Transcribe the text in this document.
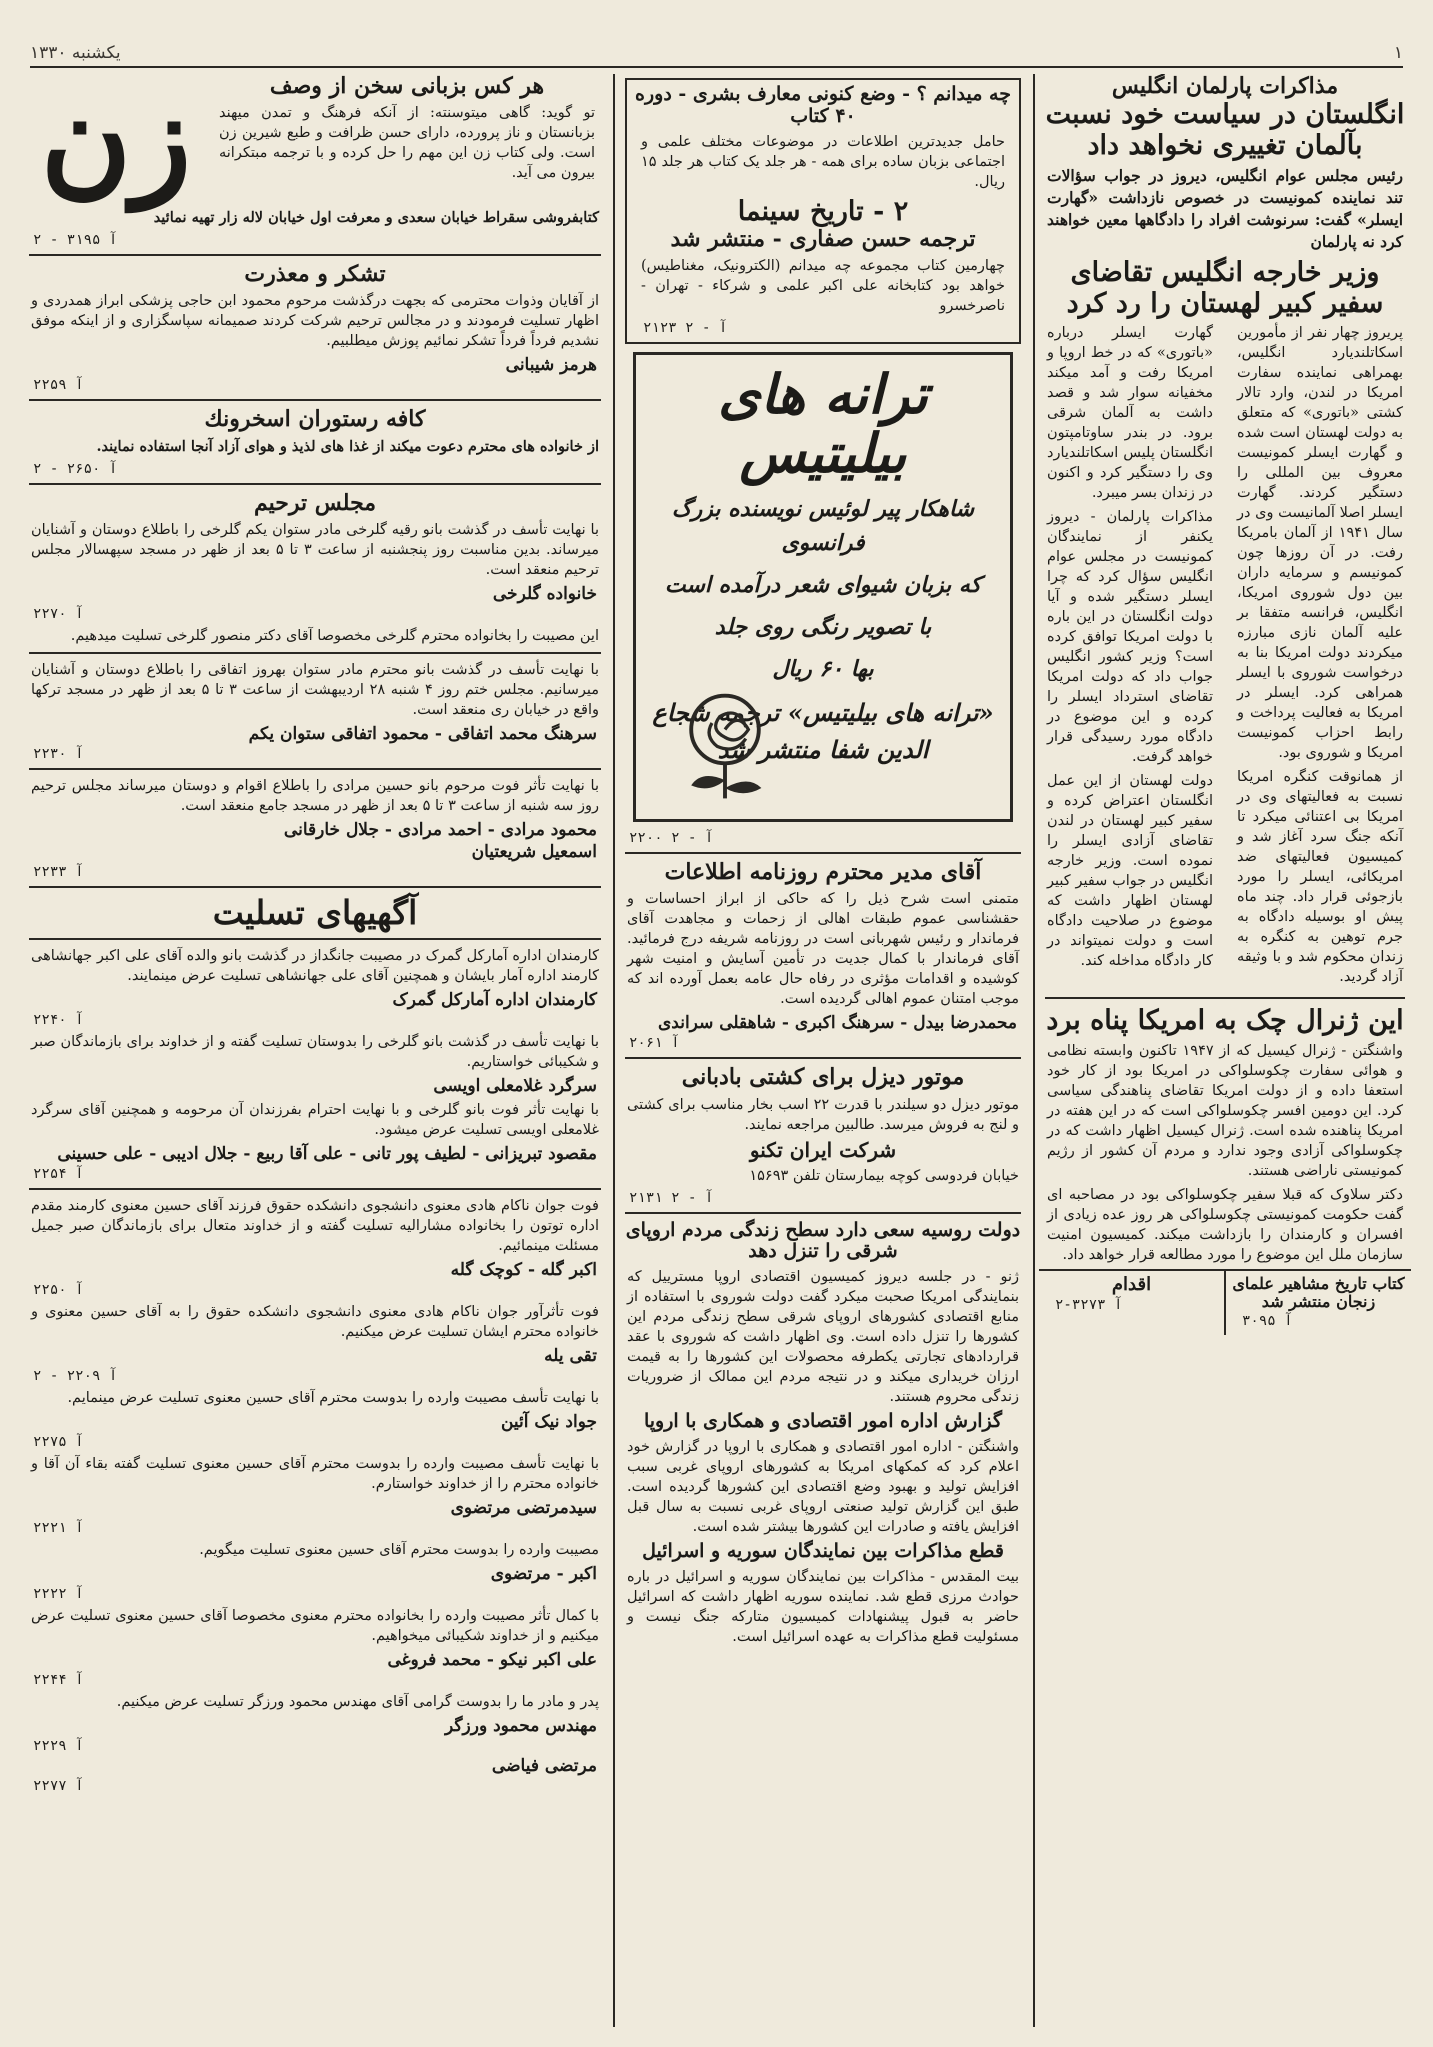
۱
یکشنبه ۱۳۳۰
مذاکرات پارلمان انگلیس
انگلستان در سیاست خود نسبت بآلمان تغییری نخواهد داد
رئیس مجلس عوام انگلیس، دیروز در جواب سؤالات تند نماینده کمونیست در خصوص نازداشت «گهارت ایسلر» گفت: سرنوشت افراد را دادگاهها معین خواهند کرد نه پارلمان
وزیر خارجه انگلیس تقاضای سفیر کبیر لهستان را رد کرد
پریروز چهار نفر از مأمورین اسکاتلندیارد انگلیس، بهمراهی نماینده سفارت امریکا در لندن، وارد تالار کشتی «باتوری» که متعلق به دولت لهستان است شده و گهارت ایسلر کمونیست معروف بین المللی را دستگیر کردند. گهارت ایسلر اصلا آلمانیست وی در سال ۱۹۴۱ از آلمان بامریکا رفت. در آن روزها چون کمونیسم و سرمایه داران بین دول شوروی امریکا، انگلیس، فرانسه متفقا بر علیه آلمان نازی مبارزه میکردند دولت امریکا بنا به درخواست شوروی با ایسلر همراهی کرد. ایسلر در امریکا به فعالیت پرداخت و رابط احزاب کمونیست امریکا و شوروی بود.
از همانوقت کنگره امریکا نسبت به فعالیتهای وی در امریکا بی اعتنائی میکرد تا آنکه جنگ سرد آغاز شد و کمیسیون فعالیتهای ضد امریکائی، ایسلر را مورد بازجوئی قرار داد. چند ماه پیش او بوسیله دادگاه به جرم توهین به کنگره به زندان محکوم شد و با وثیقه آزاد گردید.
گهارت ایسلر درباره «باتوری» که در خط اروپا و امریکا رفت و آمد میکند مخفیانه سوار شد و قصد داشت به آلمان شرقی برود. در بندر ساوتامپتون انگلستان پلیس اسکاتلندیارد وی را دستگیر کرد و اکنون در زندان بسر میبرد.
مذاکرات پارلمان - دیروز یکنفر از نمایندگان کمونیست در مجلس عوام انگلیس سؤال کرد که چرا ایسلر دستگیر شده و آیا دولت انگلستان در این باره با دولت امریکا توافق کرده است؟ وزیر کشور انگلیس جواب داد که دولت امریکا تقاضای استرداد ایسلر را کرده و این موضوع در دادگاه مورد رسیدگی قرار خواهد گرفت.
دولت لهستان از این عمل انگلستان اعتراض کرده و سفیر کبیر لهستان در لندن تقاضای آزادی ایسلر را نموده است. وزیر خارجه انگلیس در جواب سفیر کبیر لهستان اظهار داشت که موضوع در صلاحیت دادگاه است و دولت نمیتواند در کار دادگاه مداخله کند.
این ژنرال چک به امریکا پناه برد
واشنگتن - ژنرال کیسیل که از ۱۹۴۷ تاکنون وابسته نظامی و هوائی سفارت چکوسلواکی در امریکا بود از کار خود استعفا داده و از دولت امریکا تقاضای پناهندگی سیاسی کرد. این دومین افسر چکوسلواکی است که در این هفته در امریکا پناهنده شده است. ژنرال کیسیل اظهار داشت که در چکوسلواکی آزادی وجود ندارد و مردم آن کشور از رژیم کمونیستی ناراضی هستند.
دکتر سلاوک که قبلا سفیر چکوسلواکی بود در مصاحبه ای گفت حکومت کمونیستی چکوسلواکی هر روز عده زیادی از افسران و کارمندان را بازداشت میکند. کمیسیون امنیت سازمان ملل این موضوع را مورد مطالعه قرار خواهد داد.
کتاب تاریخ مشاهیر علمای زنجان منتشر شد
۳۰۹۵ آ
اقدام
۲-۳۲۷۳ آ
چه میدانم ؟ - وضع کنونی معارف بشری - دوره ۴۰ کتاب
حامل جدیدترین اطلاعات در موضوعات مختلف علمی و اجتماعی بزبان ساده برای همه - هر جلد یک کتاب هر جلد ۱۵ ریال.
۲ - تاریخ سینما
ترجمه حسن صفاری - منتشر شد
چهارمین کتاب مجموعه چه میدانم (الکترونیک، مغناطیس) خواهد بود کتابخانه علی اکبر علمی و شرکاء - تهران - ناصرخسرو
۲۱۲۳ آ - ۲
ترانه های بیلیتیس
شاهکار پیر لوئیس نویسنده بزرگ فرانسوی
که بزبان شیوای شعر درآمده است
با تصویر رنگی روی جلد
بها ۶۰ ریال
«ترانه های بیلیتیس» ترجمه شجاع الدین شفا منتشر شد
۲۲۰۰ آ - ۲
آقای مدیر محترم روزنامه اطلاعات
متمنی است شرح ذیل را که حاکی از ابراز احساسات و حقشناسی عموم طبقات اهالی از زحمات و مجاهدت آقای فرماندار و رئیس شهربانی است در روزنامه شریفه درج فرمائید. آقای فرماندار با کمال جدیت در تأمین آسایش و امنیت شهر کوشیده و اقدامات مؤثری در رفاه حال عامه بعمل آورده اند که موجب امتنان عموم اهالی گردیده است.
محمدرضا بیدل - سرهنگ اکبری - شاهقلی سراندی
۲۰۶۱ آ
موتور دیزل برای کشتی بادبانی
موتور دیزل دو سیلندر با قدرت ۲۲ اسب بخار مناسب برای کشتی و لنج به فروش میرسد. طالبین مراجعه نمایند.
شرکت ایران تکنو
خیابان فردوسی کوچه بیمارستان تلفن ۱۵۶۹۳
۲۱۳۱ آ - ۲
دولت روسیه سعی دارد سطح زندگی مردم اروپای شرقی را تنزل دهد
ژنو - در جلسه دیروز کمیسیون اقتصادی اروپا مسترییل که بنمایندگی امریکا صحبت میکرد گفت دولت شوروی با استفاده از منابع اقتصادی کشورهای اروپای شرقی سطح زندگی مردم این کشورها را تنزل داده است. وی اظهار داشت که شوروی با عقد قراردادهای تجارتی یکطرفه محصولات این کشورها را به قیمت ارزان خریداری میکند و در نتیجه مردم این ممالک از ضروریات زندگی محروم هستند.
گزارش اداره امور اقتصادی و همکاری با اروپا
واشنگتن - اداره امور اقتصادی و همکاری با اروپا در گزارش خود اعلام کرد که کمکهای امریکا به کشورهای اروپای غربی سبب افزایش تولید و بهبود وضع اقتصادی این کشورها گردیده است. طبق این گزارش تولید صنعتی اروپای غربی نسبت به سال قبل افزایش یافته و صادرات این کشورها بیشتر شده است.
قطع مذاکرات بین نمایندگان سوریه و اسرائیل
بیت المقدس - مذاکرات بین نمایندگان سوریه و اسرائیل در باره حوادث مرزی قطع شد. نماینده سوریه اظهار داشت که اسرائیل حاضر به قبول پیشنهادات کمیسیون متارکه جنگ نیست و مسئولیت قطع مذاکرات به عهده اسرائیل است.
هر کس بزبانی سخن از وصف
تو گوید: گاهی میتوسنته: از آنکه فرهنگ و تمدن میهند بزبانستان و ناز پرورده، دارای حسن ظرافت و طبع شیرین زن است. ولی کتاب زن این مهم را حل کرده و با ترجمه مبتکرانه بیرون می آید.
زن
کتابفروشی سقراط خیابان سعدی و معرفت اول خیابان لاله زار تهیه نمائید
۲ - ۳۱۹۵ آ
تشکر و معذرت
از آقایان وذوات محترمی که بجهت درگذشت مرحوم محمود ابن حاجی پزشکی ابراز همدردی و اظهار تسلیت فرمودند و در مجالس ترحیم شرکت کردند صمیمانه سپاسگزاری و از اینکه موفق نشدیم فرداً فرداً تشکر نمائیم پوزش میطلبیم.
هرمز شیبانی
۲۲۵۹ آ
کافه رستوران اسخرونك
از خانواده های محترم دعوت میکند از غذا های لذیذ و هوای آزاد آنجا استفاده نمایند.
۲ - ۲۶۵۰ آ
مجلس ترحیم
با نهایت تأسف در گذشت بانو رقیه گلرخی مادر ستوان یکم گلرخی را باطلاع دوستان و آشنایان میرساند. بدین مناسبت روز پنجشنبه از ساعت ۳ تا ۵ بعد از ظهر در مسجد سپهسالار مجلس ترحیم منعقد است.
خانواده گلرخی
۲۲۷۰ آ
این مصیبت را بخانواده محترم گلرخی مخصوصا آقای دکتر منصور گلرخی تسلیت میدهیم.
با نهایت تأسف در گذشت بانو محترم مادر ستوان بهروز اتفاقی را باطلاع دوستان و آشنایان میرسانیم. مجلس ختم روز ۴ شنبه ۲۸ اردیبهشت از ساعت ۳ تا ۵ بعد از ظهر در مسجد ترکها واقع در خیابان ری منعقد است.
سرهنگ محمد اتفاقی - محمود اتفاقی ستوان یکم
۲۲۳۰ آ
با نهایت تأثر فوت مرحوم بانو حسین مرادی را باطلاع اقوام و دوستان میرساند مجلس ترحیم روز سه شنبه از ساعت ۳ تا ۵ بعد از ظهر در مسجد جامع منعقد است.
محمود مرادی - احمد مرادی - جلال خارقانی
اسمعیل شریعتیان
۲۲۳۳ آ
آگهیهای تسلیت
کارمندان اداره آمارکل گمرک در مصیبت جانگداز در گذشت بانو والده آقای علی اکبر جهانشاهی کارمند اداره آمار بایشان و همچنین آقای علی جهانشاهی تسلیت عرض مینمایند.
کارمندان اداره آمارکل گمرک
۲۲۴۰ آ
با نهایت تأسف در گذشت بانو گلرخی را بدوستان تسلیت گفته و از خداوند برای بازماندگان صبر و شکیبائی خواستاریم.
سرگرد غلامعلی اویسی
با نهایت تأثر فوت بانو گلرخی و با نهایت احترام بفرزندان آن مرحومه و همچنین آقای سرگرد غلامعلی اویسی تسلیت عرض میشود.
مقصود تبریزانی - لطیف پور تانی - علی آقا ربیع - جلال ادیبی - علی حسینی
۲۲۵۴ آ
فوت جوان ناکام هادی معنوی دانشجوی دانشکده حقوق فرزند آقای حسین معنوی کارمند مقدم اداره توتون را بخانواده مشارالیه تسلیت گفته و از خداوند متعال برای بازماندگان صبر جمیل مسئلت مینمائیم.
اکبر گله - کوچک گله
۲۲۵۰ آ
فوت تأثرآور جوان ناکام هادی معنوی دانشجوی دانشکده حقوق را به آقای حسین معنوی و خانواده محترم ایشان تسلیت عرض میکنیم.
تقی یله
۲ - ۲۲۰۹ آ
با نهایت تأسف مصیبت وارده را بدوست محترم آقای حسین معنوی تسلیت عرض مینمایم.
جواد نیک آئین
۲۲۷۵ آ
با نهایت تأسف مصیبت وارده را بدوست محترم آقای حسین معنوی تسلیت گفته بقاء آن آقا و خانواده محترم را از خداوند خواستارم.
سیدمرتضی مرتضوی
۲۲۲۱ آ
مصیبت وارده را بدوست محترم آقای حسین معنوی تسلیت میگویم.
اکبر - مرتضوی
۲۲۲۲ آ
با کمال تأثر مصیبت وارده را بخانواده محترم معنوی مخصوصا آقای حسین معنوی تسلیت عرض میکنیم و از خداوند شکیبائی میخواهیم.
علی اکبر نیکو - محمد فروغی
۲۲۴۴ آ
پدر و مادر ما را بدوست گرامی آقای مهندس محمود ورزگر تسلیت عرض میکنیم.
مهندس محمود ورزگر
۲۲۲۹ آ
مرتضی فیاضی
۲۲۷۷ آ
